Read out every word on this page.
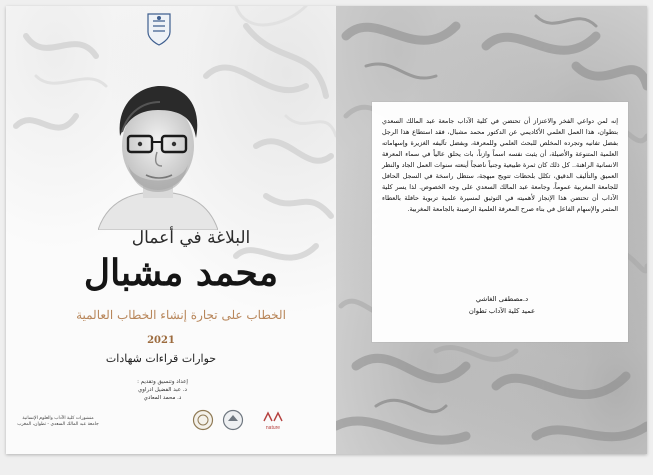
البلاغة في أعمال
محمد مشبال
الخطاب على تجارة إنشاء الخطاب العالمية
2021
حوارات قراءات شهادات
إعداد وتنسيق وتقديم :
د. عبد الفضيل ادراوي
د. محمد المعادي
منشورات كلية الآداب والعلوم الإنسانية
جامعة عبد المالك السعدي - تطوان، المغرب
nature
إنه لمن دواعي الفخر والاعتزاز أن تحتضن في كلية الآداب جامعة عبد المالك السعدي بتطوان، هذا العمل العلمي الأكاديمي عن الدكتور محمد مشبال، فقد استطاع هذا الرجل بفضل تفانيه وتجرده المخلص للبحث العلمي وللمعرفة، وبفضل تآليفه الغزيرة وإسهاماته العلمية المتنوعة والأصيلة، أن يثبت نفسه اسماً وازناً، بات يحلق عالياً في سماء المعرفة الانسانية الراهنة.. كل ذلك كان ثمرة طبيعية وجنياً ناضجاً أينعته سنوات العمل الجاد والنظر العميق والتأليف الدقيق، تكلل بلحظات تتويج مبهجة، ستظل راسخة في السجل الحافل للجامعة المغربية عموماً، وجامعة عبد المالك السعدي على وجه الخصوص. لذا يسر كلية الآداب أن تحتضن هذا الإنجاز لأهميته في التوثيق لمسيرة علمية تربوية حافلة بالعطاء المثمر والإسهام الفاعل في بناء صرح المعرفة العلمية الرصينة بالجامعة المغربية.
د.مصطفى الغاشي
عميد كلية الآداب تطوان
